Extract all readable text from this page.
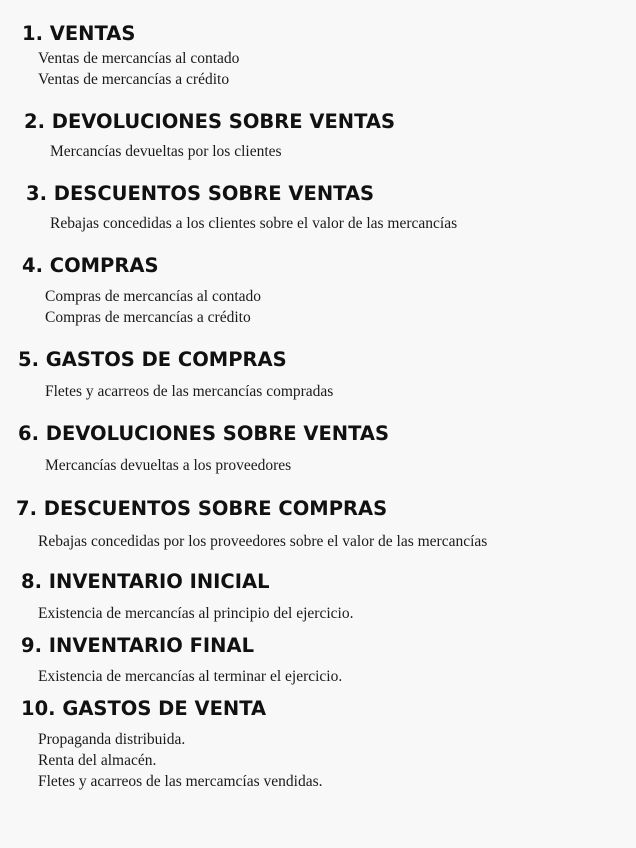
1. VENTAS
Ventas de mercancías al contado
Ventas de mercancías a crédito
2. DEVOLUCIONES SOBRE VENTAS
Mercancías devueltas por los clientes
3. DESCUENTOS SOBRE VENTAS
Rebajas concedidas a los clientes sobre el valor de las mercancías
4. COMPRAS
Compras de mercancías al contado
Compras de mercancías a crédito
5. GASTOS DE COMPRAS
Fletes y acarreos de las mercancías compradas
6. DEVOLUCIONES SOBRE VENTAS
Mercancías devueltas a los proveedores
7. DESCUENTOS SOBRE COMPRAS
Rebajas concedidas por los proveedores sobre el valor de las mercancías
8. INVENTARIO INICIAL
Existencia de mercancías al principio del ejercicio.
9. INVENTARIO FINAL
Existencia de mercancías al terminar el ejercicio.
10. GASTOS DE VENTA
Propaganda distribuida.
Renta del almacén.
Fletes y acarreos de las mercamcías vendidas.
